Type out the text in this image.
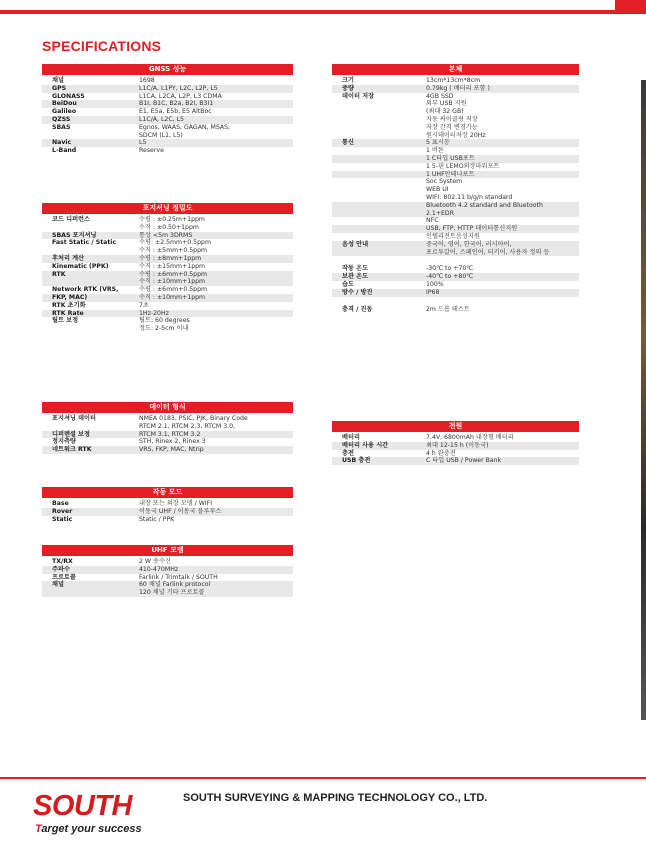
SPECIFICATIONS
GNSS 성능
채널	1698
GPS	L1C/A, L1PY, L2C, L2P, L5
GLONASS	L1CA, L2CA, L2P, L3 CDMA
BeiDou	B1I, B1C, B2a, B2I, B3I1
Galileo	E1, E5a, E5b, E5 AltBoc
QZSS	L1C/A, L2C, L5
SBAS	Egnos, WAAS, GAGAN, MSAS,
SDCM (L1, L5)
Navic	L5
L-Band	Reserve
포지셔닝 정밀도
코드 디퍼런스	수평 : ±0.25m+1ppm
수직 : ±0.50+1ppm
SBAS 포지셔닝	통상 <5m 3DRMS
Fast Static / Static	수평: ±2.5mm+0.5ppm
수직 : ±5mm+0.5ppm
후처리 계산	수평 : ±8mm+1ppm
Kinematic (PPK)	수직 : ±15mm+1ppm
RTK	수평 : ±6mm+0.5ppm
수직 : ±10mm+1ppm
Network RTK (VRS,	수평 : ±6mm+0.5ppm
FKP, MAC)	수직 : ±10mm+1ppm
RTK 초기화	7초
RTK Rate	1Hz-20Hz
틸트 보정	틸트: 60 degrees
정도: 2-5cm 이내
데이터 형식
포지셔닝 데이터	NMEA 0183, PSIC, PJK, Binary Code
RTCM 2.1, RTCM 2.3, RTCM 3.0,
디퍼렌셜 보정	RTCM 3.1, RTCM 3.2
정지측량	STH, Rinex 2, Rinex 3
네트워크 RTK	VRS, FKP, MAC, Ntrip
작동 모드
Base	내장 또는 외장 모뎀 / WIFI
Rover	이동국 UHF / 이동국 블루투스
Static	Static / PPK
UHF 모뎀
TX/RX	2 W 송수신
주파수	410-470MHz
프로토콜	Farlink / Trimtalk / SOUTH
채널	60 채널 Farlink protocol
120 채널 기타 프로토콜
본체
크기	13cm*13cm*8cm
중량	0.79kg ( 배터리 포함 )
데이터 저장	4GB SSD
외부 USB 지원
(최대 32 GB)
자동 싸이클링 저장
저장 간격 변경가능
원시데이터저장 20Hz
통신	5 표시등
1 버튼
1 C타입 USB포트
1 5-핀 LEMO외장파워포트
1 UHF안테나포트
Soc System
WEB UI
WIFI: 802.11 b/g/n standard
Bluetooth 4.2 standard and Bluetooth
2.1+EDR
NFC
USB, FTP, HTTP 데이터통신지원
인텔리전트음성지원
음성 안내	중국어, 영어, 한국어, 러시아어,
포르투갈어, 스페인어, 터키어, 사용자 정의 등
작동 온도	-30℃ to +70℃
보관 온도	-40℃ to +80℃
습도	100%
방수 / 방진	IP68
충격 / 진동	2m 드롭 테스트
전원
배터리	7.4V, 6800mAh 내장형 배터리
배터리 사용 시간	최대 12-15 h (이동국)
충전	4 h 완충전
USB 충전	C 타입 USB / Power Bank
SOUTH
Target your success
SOUTH SURVEYING & MAPPING TECHNOLOGY CO., LTD.
